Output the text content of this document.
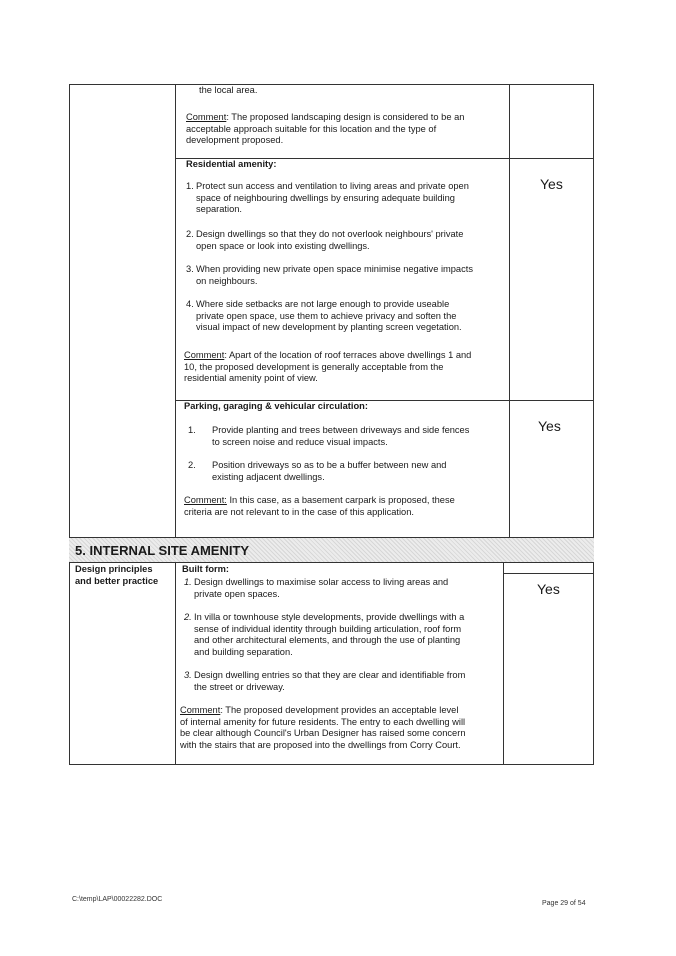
the local area.
Comment: The proposed landscaping design is considered to be an
acceptable approach suitable for this location and the type of
development proposed.
Residential amenity:
1. Protect sun access and ventilation to living areas and private open
space of neighbouring dwellings by ensuring adequate building
separation.
2. Design dwellings so that they do not overlook neighbours' private
open space or look into existing dwellings.
3. When providing new private open space minimise negative impacts
on neighbours.
4. Where side setbacks are not large enough to provide useable
private open space, use them to achieve privacy and soften the
visual impact of new development by planting screen vegetation.
Comment: Apart of the location of roof terraces above dwellings 1 and
10, the proposed development is generally acceptable from the
residential amenity point of view.
Yes
Parking, garaging & vehicular circulation:
1. Provide planting and trees between driveways and side fences
to screen noise and reduce visual impacts.
2. Position driveways so as to be a buffer between new and
existing adjacent dwellings.
Comment: In this case, as a basement carpark is proposed, these
criteria are not relevant to in the case of this application.
Yes
5. INTERNAL SITE AMENITY
Design principles
and better practice
Built form:
1. Design dwellings to maximise solar access to living areas and
private open spaces.
2. In villa or townhouse style developments, provide dwellings with a
sense of individual identity through building articulation, roof form
and other architectural elements, and through the use of planting
and building separation.
3. Design dwelling entries so that they are clear and identifiable from
the street or driveway.
Comment: The proposed development provides an acceptable level
of internal amenity for future residents. The entry to each dwelling will
be clear although Council's Urban Designer has raised some concern
with the stairs that are proposed into the dwellings from Corry Court.
Yes
C:\temp\LAP\00022282.DOC
Page 29 of 54
